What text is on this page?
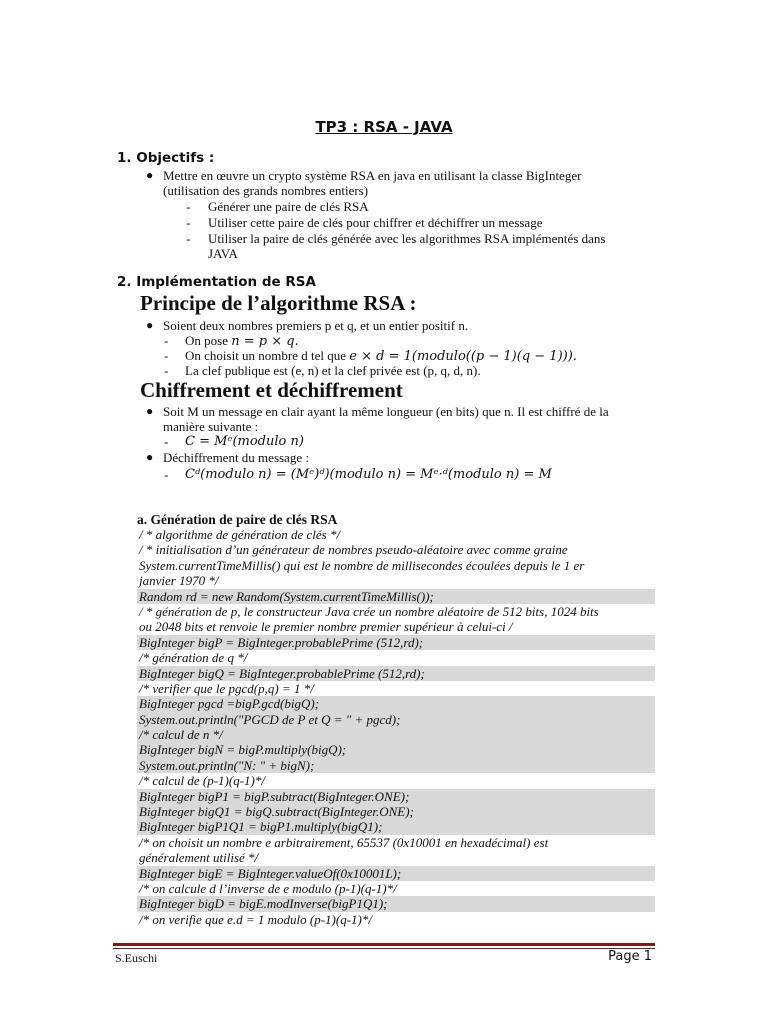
TP3 : RSA - JAVA
1. Objectifs :
● Mettre en œuvre un crypto système RSA en java en utilisant la classe BigInteger
(utilisation des grands nombres entiers)
- Générer une paire de clés RSA
- Utiliser cette paire de clés pour chiffrer et déchiffrer un message
- Utiliser la paire de clés générée avec les algorithmes RSA implémentés dans
JAVA
2. Implémentation de RSA
Principe de l’algorithme RSA :
● Soient deux nombres premiers p et q, et un entier positif n.
- On pose n = p × q.
- On choisit un nombre d tel que e × d = 1(modulo((p − 1)(q − 1))).
- La clef publique est (e, n) et la clef privée est (p, q, d, n).
Chiffrement et déchiffrement
● Soit M un message en clair ayant la même longueur (en bits) que n. Il est chiffré de la
manière suivante :
- C = Mᵉ(modulo n)
● Déchiffrement du message :
- Cᵈ(modulo n) = (Mᵉ)ᵈ)(modulo n) = Mᵉ·ᵈ(modulo n) = M
a. Génération de paire de clés RSA
/ * algorithme de génération de clés */
/ * initialisation d’un générateur de nombres pseudo-aléatoire avec comme graine
System.currentTimeMillis() qui est le nombre de millisecondes écoulées depuis le 1 er
janvier 1970 */
Random rd = new Random(System.currentTimeMillis());
/ * génération de p, le constructeur Java crée un nombre aléatoire de 512 bits, 1024 bits
ou 2048 bits et renvoie le premier nombre premier supérieur à celui-ci /
BigInteger bigP = BigInteger.probablePrime (512,rd);
/* génération de q */
BigInteger bigQ = BigInteger.probablePrime (512,rd);
/* verifier que le pgcd(p,q) = 1 */
BigInteger pgcd =bigP.gcd(bigQ);
System.out.println("PGCD de P et Q = " + pgcd);
/* calcul de n */
BigInteger bigN = bigP.multiply(bigQ);
System.out.println("N: " + bigN);
/* calcul de (p-1)(q-1)*/
BigInteger bigP1 = bigP.subtract(BigInteger.ONE);
BigInteger bigQ1 = bigQ.subtract(BigInteger.ONE);
BigInteger bigP1Q1 = bigP1.multiply(bigQ1);
/* on choisit un nombre e arbitrairement, 65537 (0x10001 en hexadécimal) est
généralement utilisé */
BigInteger bigE = BigInteger.valueOf(0x10001L);
/* on calcule d l’inverse de e modulo (p-1)(q-1)*/
BigInteger bigD = bigE.modInverse(bigP1Q1);
/* on verifie que e.d = 1 modulo (p-1)(q-1)*/
S.Euschi	Page 1
